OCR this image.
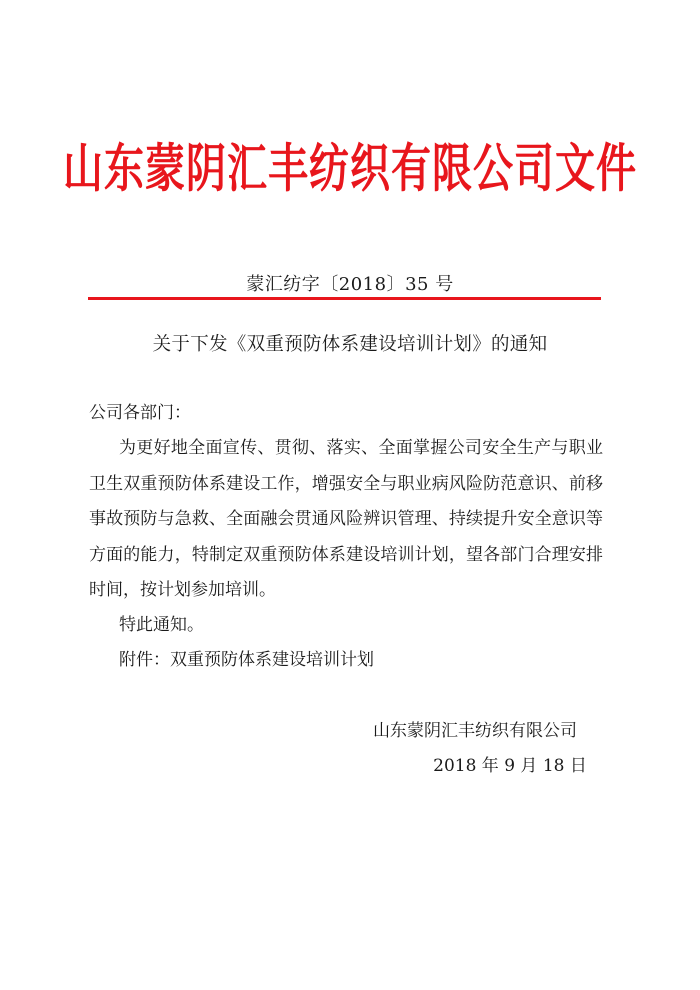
山东蒙阴汇丰纺织有限公司文件
蒙汇纺字〔2018〕35 号
关于下发《双重预防体系建设培训计划》的通知
公司各部门：
为更好地全面宣传、贯彻、落实、全面掌握公司安全生产与职业卫生双重预防体系建设工作，增强安全与职业病风险防范意识、前移事故预防与急救、全面融会贯通风险辨识管理、持续提升安全意识等方面的能力，特制定双重预防体系建设培训计划，望各部门合理安排时间，按计划参加培训。
特此通知。
附件：双重预防体系建设培训计划
山东蒙阴汇丰纺织有限公司
2018 年 9 月 18 日
